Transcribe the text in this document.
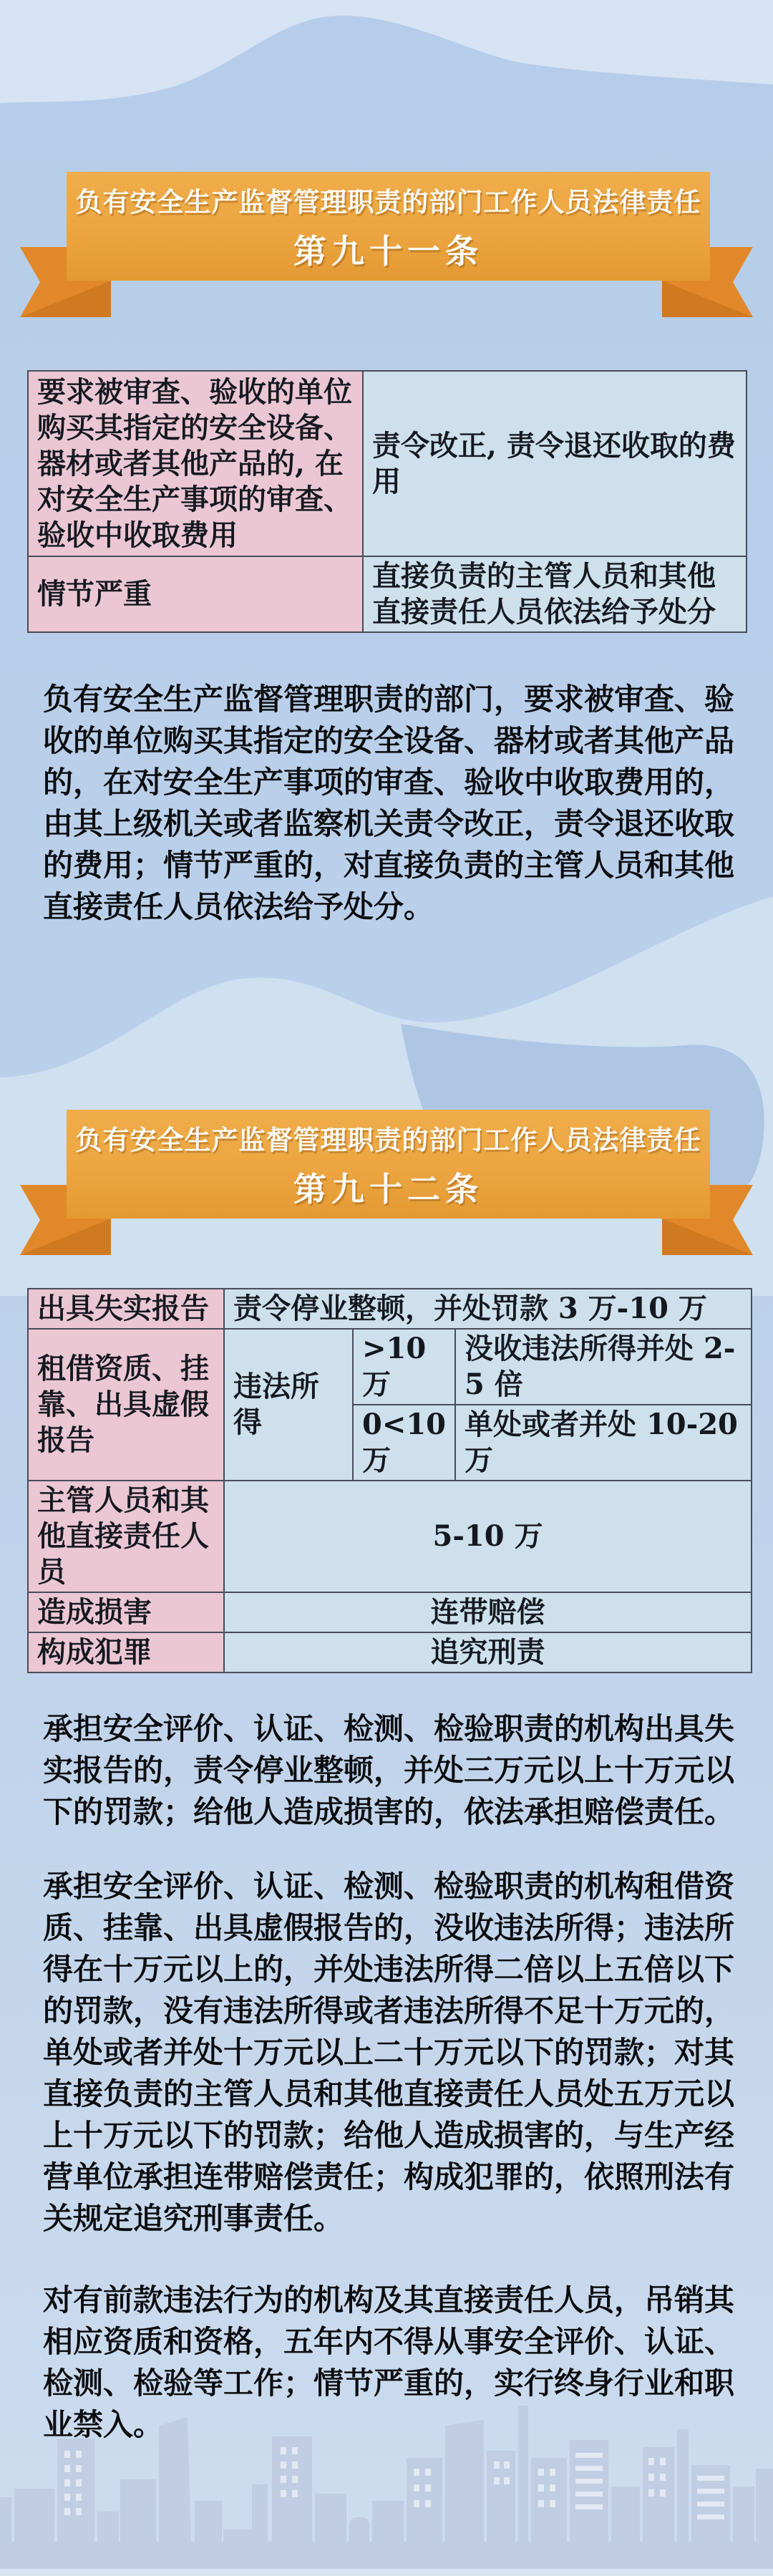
负有安全生产监督管理职责的部门工作人员法律责任
第九十一条
要求被审查、验收的单位购买其指定的安全设备、器材或者其他产品的, 在对安全生产事项的审查、验收中收取费用	责令改正, 责令退还收取的费用
情节严重	直接负责的主管人员和其他直接责任人员依法给予处分

负有安全生产监督管理职责的部门，要求被审查、验收的单位购买其指定的安全设备、器材或者其他产品的，在对安全生产事项的审查、验收中收取费用的，由其上级机关或者监察机关责令改正，责令退还收取的费用；情节严重的，对直接负责的主管人员和其他直接责任人员依法给予处分。

负有安全生产监督管理职责的部门工作人员法律责任
第九十二条
出具失实报告	责令停业整顿，并处罚款 3 万-10 万		
租借资质、挂靠、出具虚假报告	违法所得	>10 万	没收违法所得并处 2-5 倍
		0<10 万	单处或者并处 10-20 万
主管人员和其他直接责任人员	5-10 万		
造成损害	连带赔偿		
构成犯罪	追究刑责		

承担安全评价、认证、检测、检验职责的机构出具失实报告的，责令停业整顿，并处三万元以上十万元以下的罚款；给他人造成损害的，依法承担赔偿责任。

承担安全评价、认证、检测、检验职责的机构租借资质、挂靠、出具虚假报告的，没收违法所得；违法所得在十万元以上的，并处违法所得二倍以上五倍以下的罚款，没有违法所得或者违法所得不足十万元的，单处或者并处十万元以上二十万元以下的罚款；对其直接负责的主管人员和其他直接责任人员处五万元以上十万元以下的罚款；给他人造成损害的，与生产经营单位承担连带赔偿责任；构成犯罪的，依照刑法有关规定追究刑事责任。

对有前款违法行为的机构及其直接责任人员，吊销其相应资质和资格，五年内不得从事安全评价、认证、检测、检验等工作；情节严重的，实行终身行业和职业禁入。
